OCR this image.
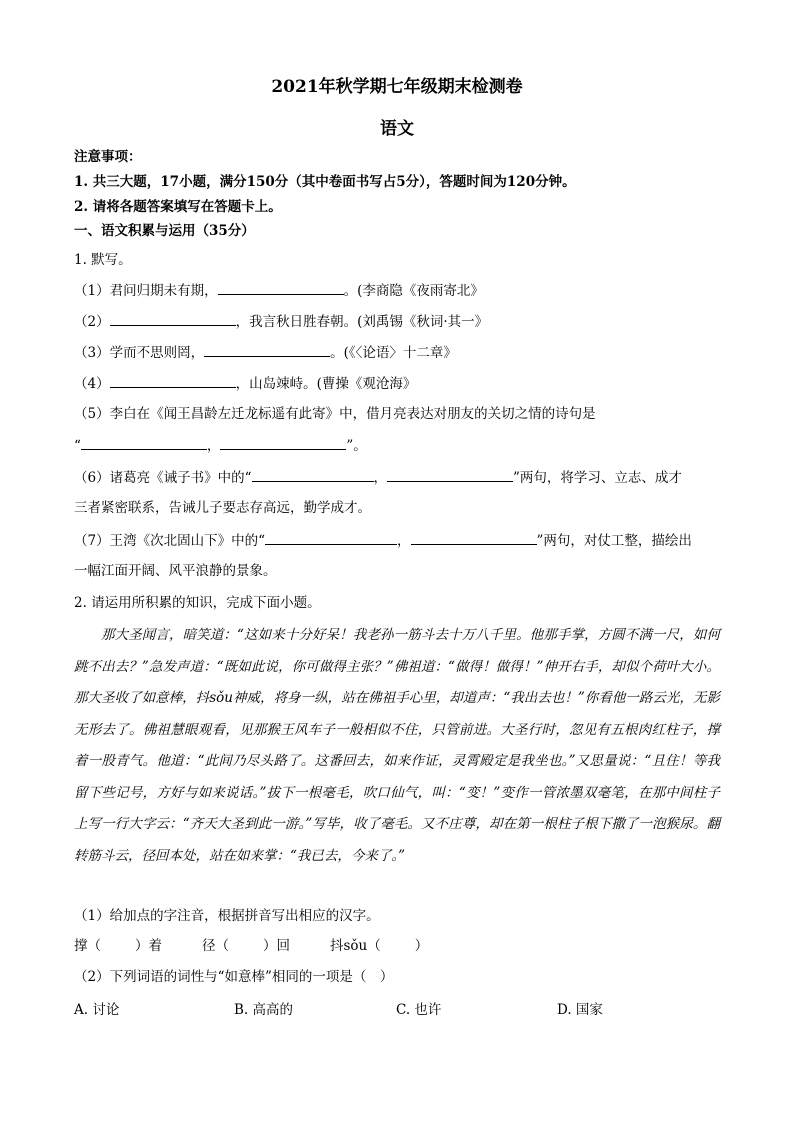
2021年秋学期七年级期末检测卷
语文
注意事项：
1. 共三大题，17小题，满分150分（其中卷面书写占5分），答题时间为120分钟。
2. 请将各题答案填写在答题卡上。
一、语文积累与运用（35分）
1. 默写。
（1）君问归期未有期，	。(李商隐《夜雨寄北》
（2）	，我言秋日胜春朝。(刘禹锡《秋词·其一》
（3）学而不思则罔，	。(《〈论语〉十二章》
（4）	，山岛竦峙。(曹操《观沧海》
（5）李白在《闻王昌龄左迁龙标遥有此寄》中，借月亮表达对朋友的关切之情的诗句是
“	，	”。
（6）诸葛亮《诫子书》中的“	，	”两句，将学习、立志、成才
三者紧密联系，告诫儿子要志存高远，勤学成才。
（7）王湾《次北固山下》中的“	，	”两句，对仗工整，描绘出
一幅江面开阔、风平浪静的景象。
2. 请运用所积累的知识，完成下面小题。

那大圣闻言，暗笑道：“这如来十分好呆！我老孙一筋斗去十万八千里。他那手掌，方圆不满一尺，如何跳不出去？”急发声道：“既如此说，你可做得主张？”佛祖道：“做得！做得！”伸开右手，却似个荷叶大小。那大圣收了如意棒，抖sǒu神威，将身一纵，站在佛祖手心里，却道声：“我出去也！”你看他一路云光，无影无形去了。佛祖慧眼观看，见那猴王风车子一般相似不住，只管前进。大圣行时，忽见有五根肉红柱子，撑着一股青气。他道：“此间乃尽头路了。这番回去，如来作证，灵霄殿定是我坐也。”又思量说：“且住！等我留下些记号，方好与如来说话。”拔下一根毫毛，吹口仙气，叫：“变！”变作一管浓墨双毫笔，在那中间柱子上写一行大字云：“齐天大圣到此一游。”写毕，收了毫毛。又不庄尊，却在第一根柱子根下撒了一泡猴尿。翻转筋斗云，径回本处，站在如来掌：“我已去，今来了。”

（1）给加点的字注音，根据拼音写出相应的汉字。
撑（	）着	径（	）回	抖sǒu（	）
（2）下列词语的词性与“如意棒”相同的一项是（　）
A. 讨论	B. 高高的	C. 也许	D. 国家
